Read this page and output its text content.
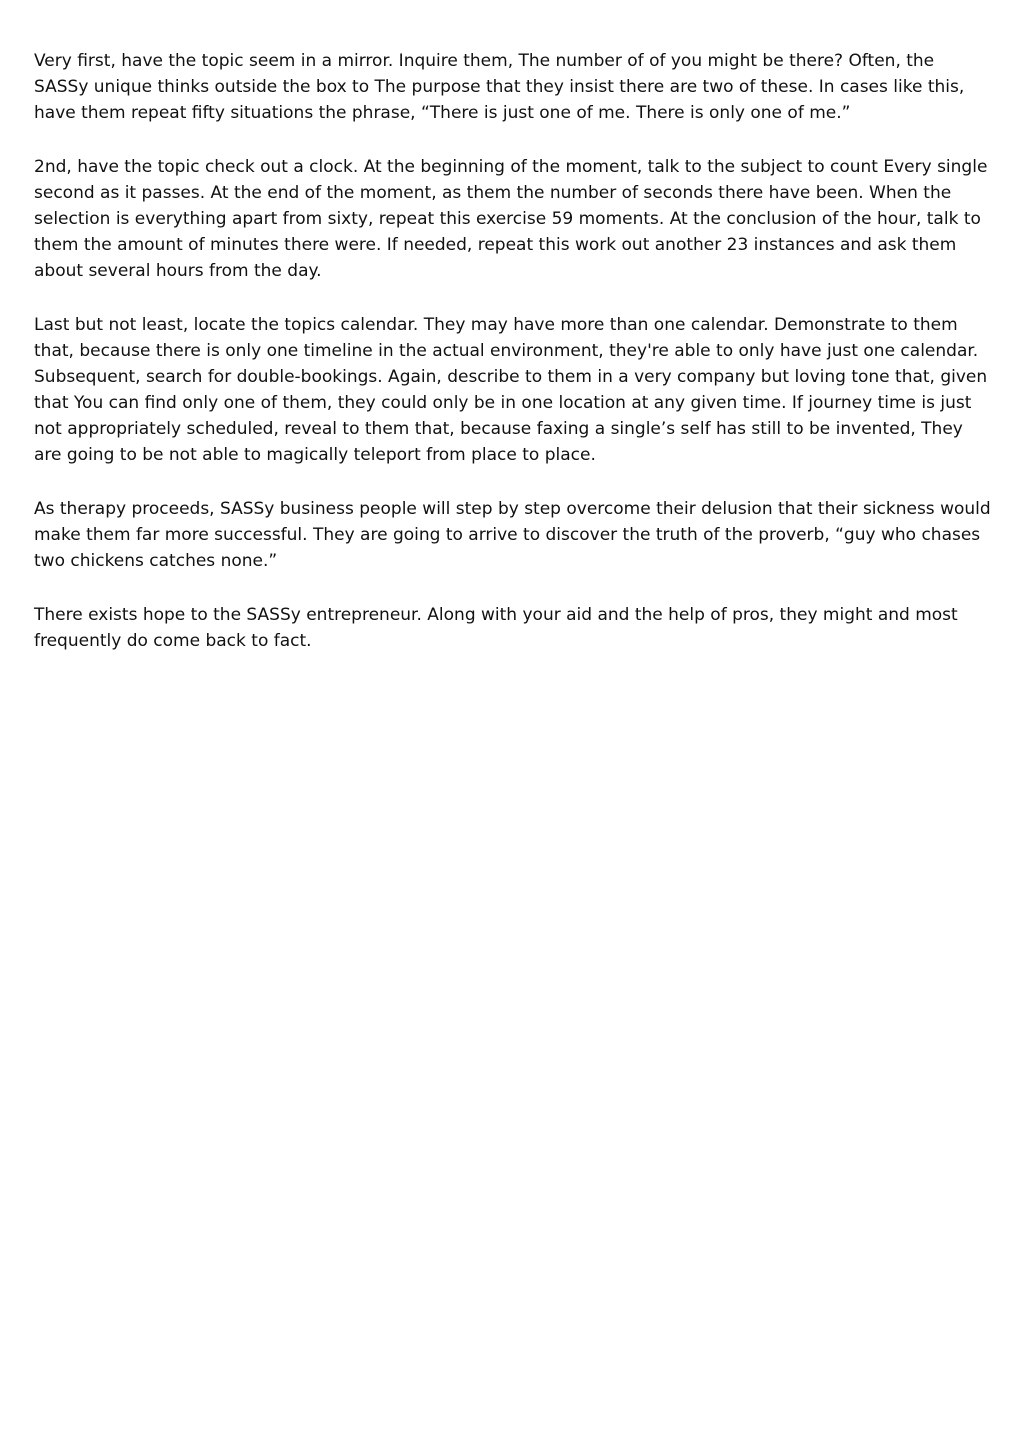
Very first, have the topic seem in a mirror. Inquire them, The number of of you might be there? Often, the SASSy unique thinks outside the box to The purpose that they insist there are two of these. In cases like this, have them repeat fifty situations the phrase, “There is just one of me. There is only one of me.”

2nd, have the topic check out a clock. At the beginning of the moment, talk to the subject to count Every single second as it passes. At the end of the moment, as them the number of seconds there have been. When the selection is everything apart from sixty, repeat this exercise 59 moments. At the conclusion of the hour, talk to them the amount of minutes there were. If needed, repeat this work out another 23 instances and ask them about several hours from the day.

Last but not least, locate the topics calendar. They may have more than one calendar. Demonstrate to them that, because there is only one timeline in the actual environment, they're able to only have just one calendar. Subsequent, search for double-bookings. Again, describe to them in a very company but loving tone that, given that You can find only one of them, they could only be in one location at any given time. If journey time is just not appropriately scheduled, reveal to them that, because faxing a single’s self has still to be invented, They are going to be not able to magically teleport from place to place.

As therapy proceeds, SASSy business people will step by step overcome their delusion that their sickness would make them far more successful. They are going to arrive to discover the truth of the proverb, “guy who chases two chickens catches none.”

There exists hope to the SASSy entrepreneur. Along with your aid and the help of pros, they might and most frequently do come back to fact.
